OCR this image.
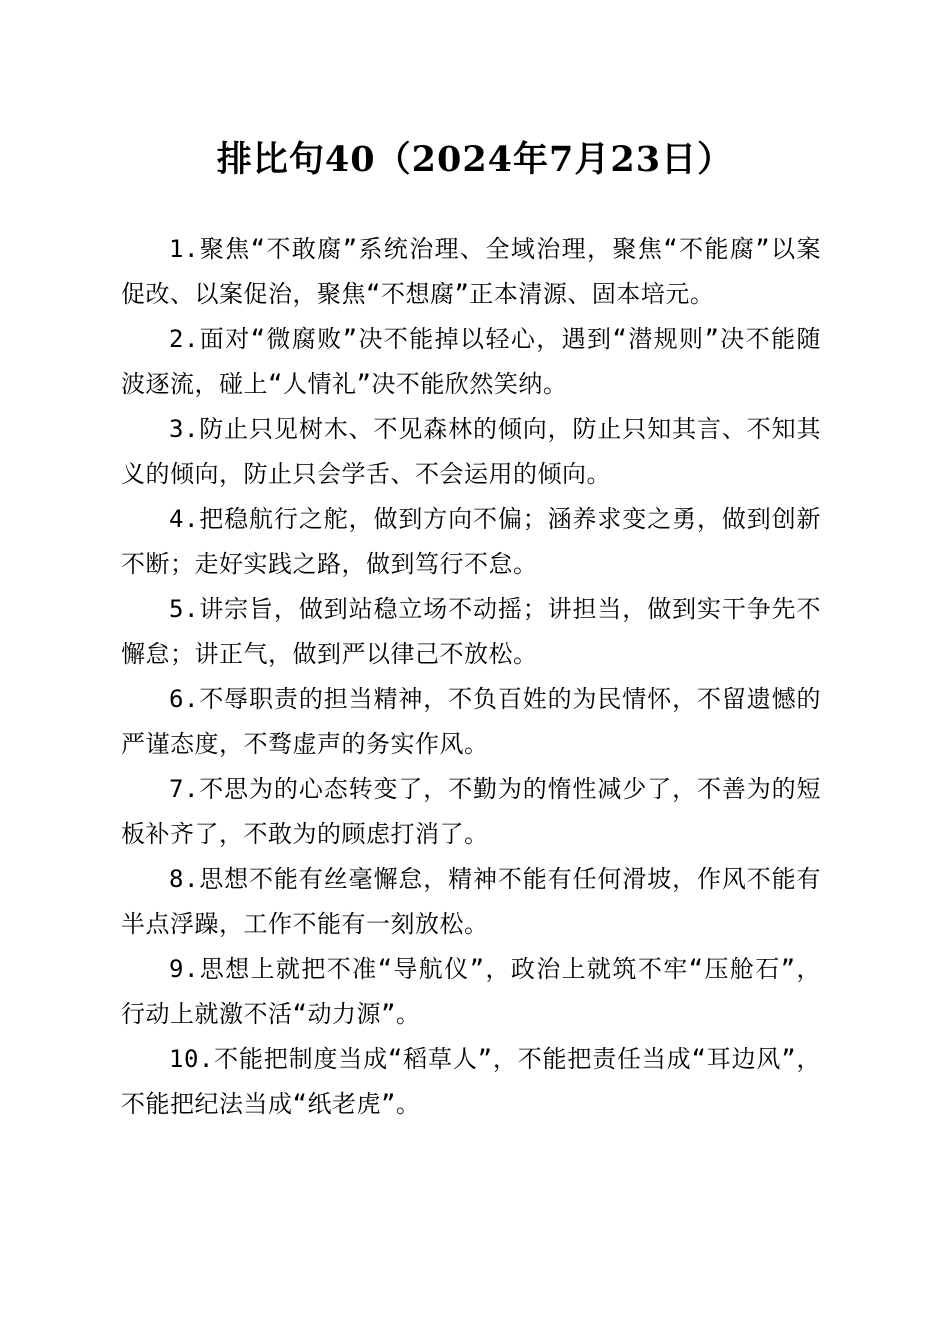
排比句40（2024年7月23日）

1.聚焦“不敢腐”系统治理、全域治理，聚焦“不能腐”以案促改、以案促治，聚焦“不想腐”正本清源、固本培元。

2.面对“微腐败”决不能掉以轻心，遇到“潜规则”决不能随波逐流，碰上“人情礼”决不能欣然笑纳。

3.防止只见树木、不见森林的倾向，防止只知其言、不知其义的倾向，防止只会学舌、不会运用的倾向。

4.把稳航行之舵，做到方向不偏；涵养求变之勇，做到创新不断；走好实践之路，做到笃行不怠。

5.讲宗旨，做到站稳立场不动摇；讲担当，做到实干争先不懈怠；讲正气，做到严以律己不放松。

6.不辱职责的担当精神，不负百姓的为民情怀，不留遗憾的严谨态度，不骛虚声的务实作风。

7.不思为的心态转变了，不勤为的惰性减少了，不善为的短板补齐了，不敢为的顾虑打消了。

8.思想不能有丝毫懈怠，精神不能有任何滑坡，作风不能有半点浮躁，工作不能有一刻放松。

9.思想上就把不准“导航仪”，政治上就筑不牢“压舱石”，行动上就激不活“动力源”。

10.不能把制度当成“稻草人”，不能把责任当成“耳边风”，不能把纪法当成“纸老虎”。
